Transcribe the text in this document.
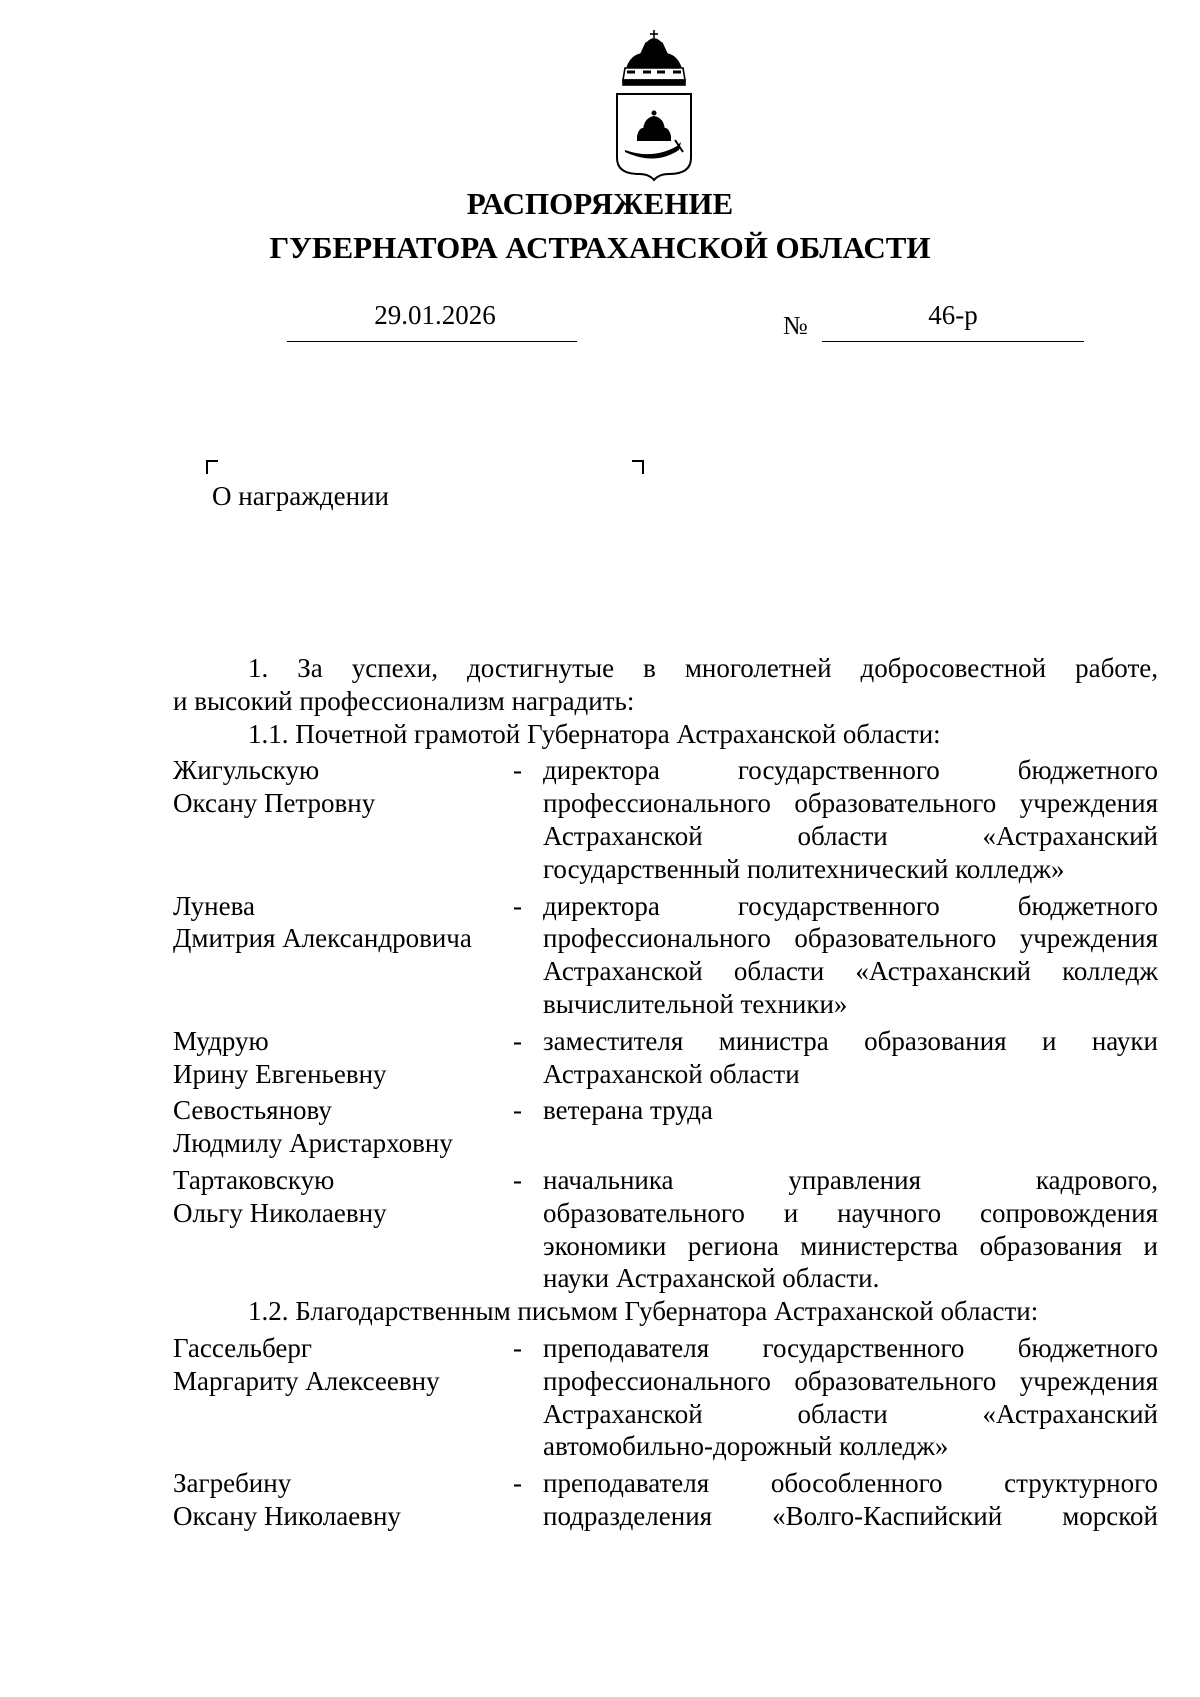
РАСПОРЯЖЕНИЕ
ГУБЕРНАТОРА АСТРАХАНСКОЙ ОБЛАСТИ
29.01.2026	№	46-р
О награждении
1. За успехи, достигнутые в многолетней добросовестной работе,
и высокий профессионализм наградить:
1.1. Почетной грамотой Губернатора Астраханской области:
Жигульскую
Оксану Петровну
- директора государственного бюджетного
профессионального образовательного учреждения
Астраханской области «Астраханский
государственный политехнический колледж»
Лунева
Дмитрия Александровича
- директора государственного бюджетного
профессионального образовательного учреждения
Астраханской области «Астраханский колледж
вычислительной техники»
Мудрую
Ирину Евгеньевну
- заместителя министра образования и науки
Астраханской области
Севостьянову
Людмилу Аристарховну
- ветерана труда
Тартаковскую
Ольгу Николаевну
- начальника управления кадрового,
образовательного и научного сопровождения
экономики региона министерства образования и
науки Астраханской области.
1.2. Благодарственным письмом Губернатора Астраханской области:
Гассельберг
Маргариту Алексеевну
- преподавателя государственного бюджетного
профессионального образовательного учреждения
Астраханской области «Астраханский
автомобильно-дорожный колледж»
Загребину
Оксану Николаевну
- преподавателя обособленного структурного
подразделения «Волго-Каспийский морской
